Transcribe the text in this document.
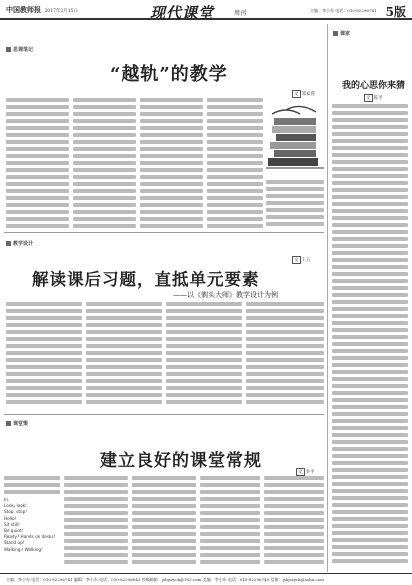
中国教师报 2017年2月15日	现代课堂	周刊	主编：李小东 电话：010-82296741 5版
思课笔记
“越轨”的教学
文 邹家蓉
教学设计
文 王五
解读课后习题，直抵单元要素
——以《剃头大师》教学设计为例
课堂策
建立良好的课堂常规
文 李平
In.
Look, look!
Stop, stop!
Hello!
Sit still!
Be quiet!
Ready? Hands on desks!
Stand up!
Walking / Walking!
课家
我的心思你来猜
文 陈平
主编：李小东 电话：010-82296741 编辑：李小东 电话：010-82296843 投稿邮箱：jsbjszyck@163.com 美编：李小东 电话：010-82296749 信箱：jsbjszyck@sohu.com
